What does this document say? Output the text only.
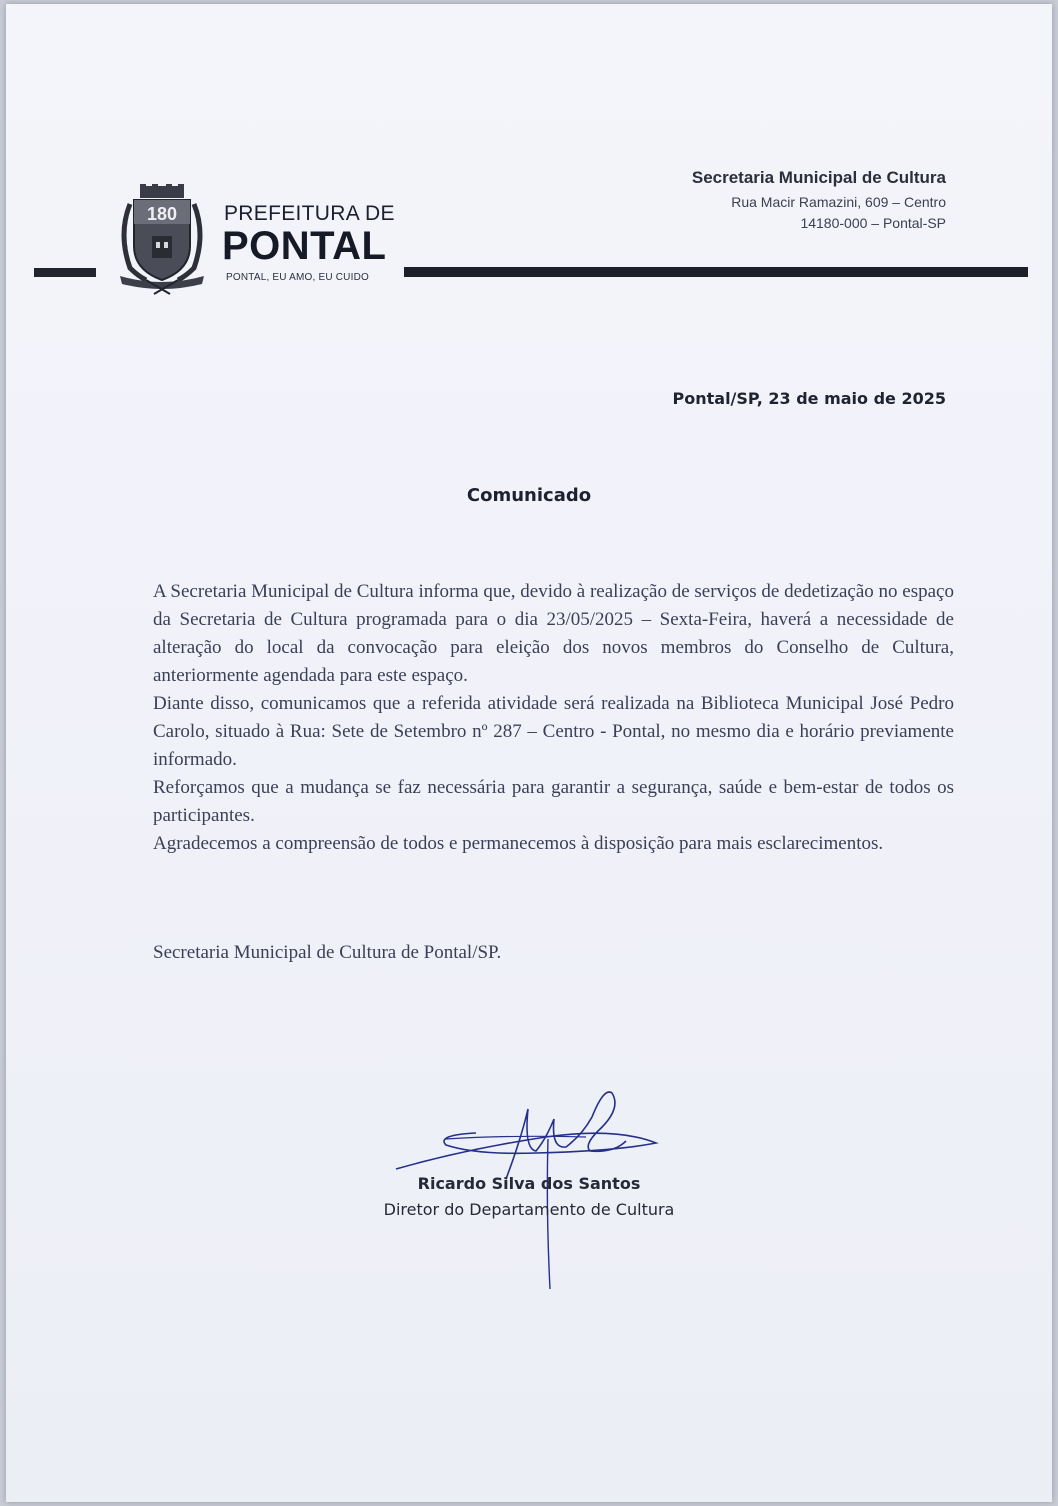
180 PREFEITURA DE
PONTAL
PONTAL, EU AMO, EU CUIDO
Secretaria Municipal de Cultura
Rua Macir Ramazini, 609 – Centro
14180-000 – Pontal-SP
Pontal/SP, 23 de maio de 2025
Comunicado

A Secretaria Municipal de Cultura informa que, devido à realização de serviços de dedetização no espaço da Secretaria de Cultura programada para o dia 23/05/2025 – Sexta-Feira, haverá a necessidade de alteração do local da convocação para eleição dos novos membros do Conselho de Cultura, anteriormente agendada para este espaço.

Diante disso, comunicamos que a referida atividade será realizada na Biblioteca Municipal José Pedro Carolo, situado à Rua: Sete de Setembro nº 287 – Centro - Pontal, no mesmo dia e horário previamente informado.

Reforçamos que a mudança se faz necessária para garantir a segurança, saúde e bem-estar de todos os participantes.

Agradecemos a compreensão de todos e permanecemos à disposição para mais esclarecimentos.

Secretaria Municipal de Cultura de Pontal/SP.
Ricardo Silva dos Santos
Diretor do Departamento de Cultura
